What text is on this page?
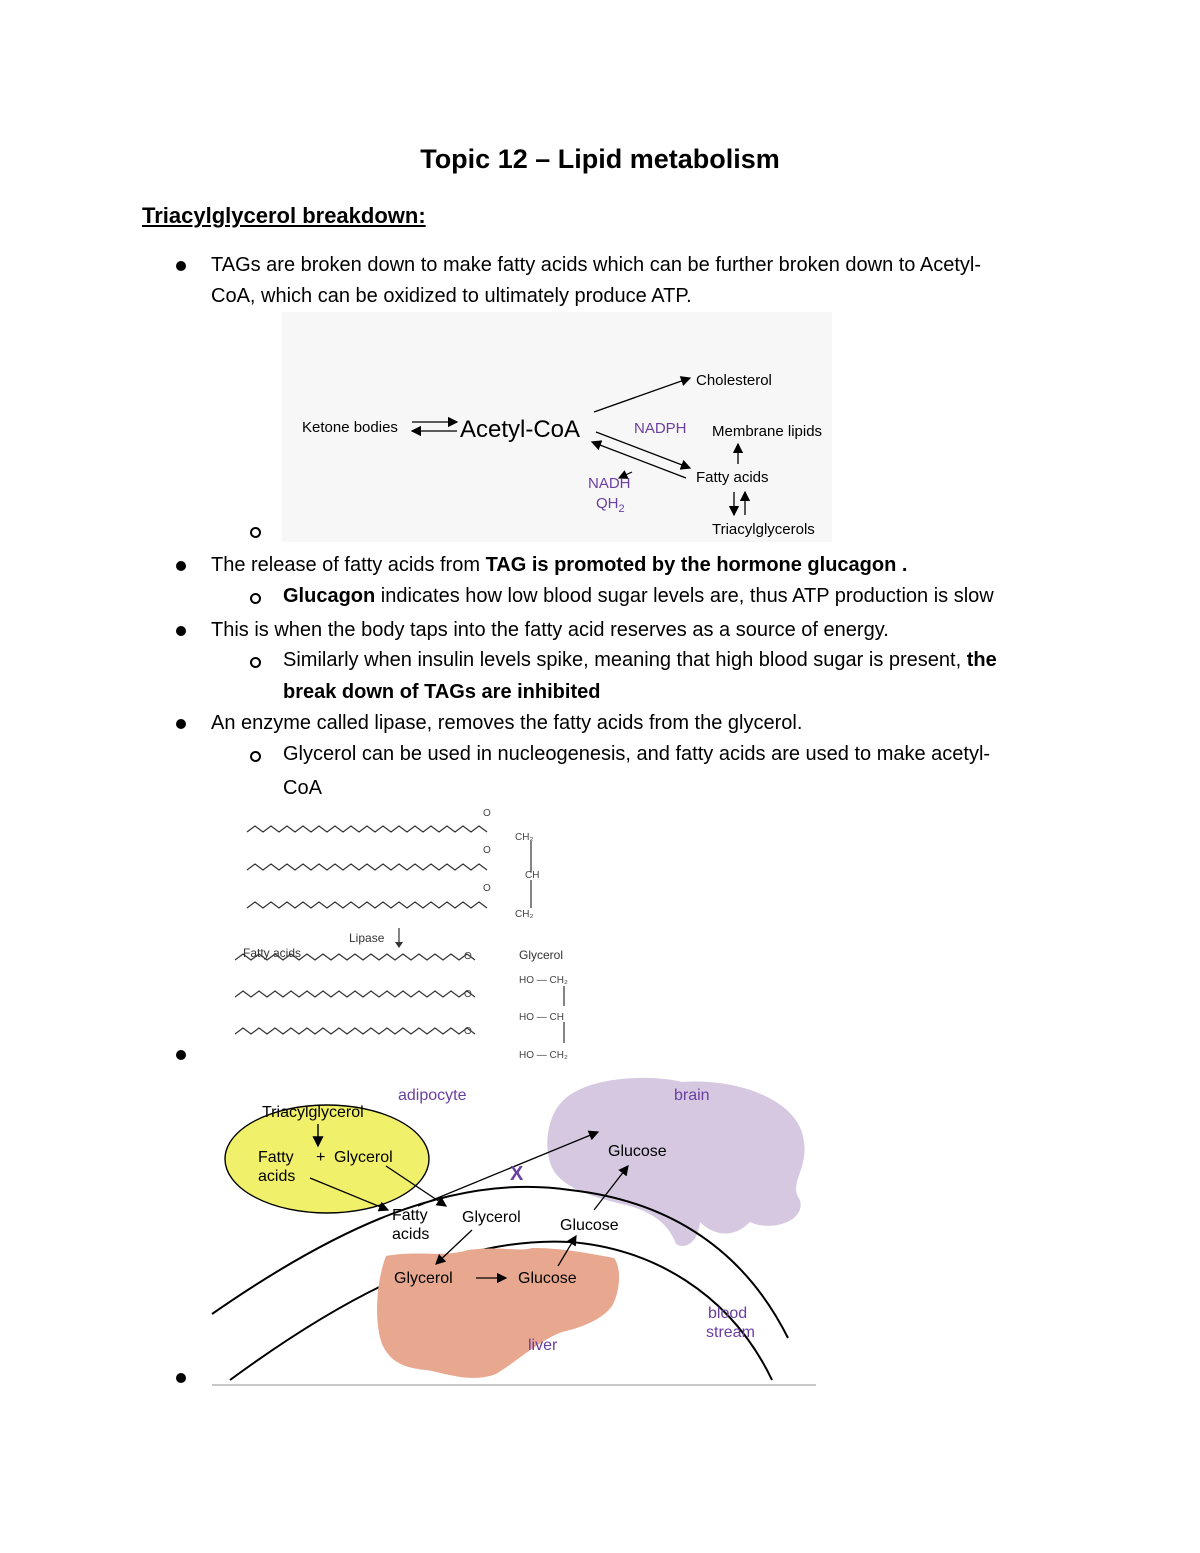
Topic 12 – Lipid metabolism
Triacylglycerol breakdown:
TAGs are broken down to make fatty acids which can be further broken down to Acetyl-
CoA, which can be oxidized to ultimately produce ATP.
Ketone bodies	Acetyl-CoA
Cholesterol
NADPH
NADH
$QH_2$
Membrane lipids
Fatty acids
Triacylglycerols
The release of fatty acids from TAG is promoted by the hormone glucagon .
Glucagon indicates how low blood sugar levels are, thus ATP production is slow
This is when the body taps into the fatty acid reserves as a source of energy.
Similarly when insulin levels spike, meaning that high blood sugar is present, the
break down of TAGs are inhibited
An enzyme called lipase, removes the fatty acids from the glycerol.
Glycerol can be used in nucleogenesis, and fatty acids are used to make acetyl-
CoA
O
CH₂
O
CH
O
CH₂
Lipase
Fatty acids	O	Glycerol
HO — CH₂
O
HO — CH
O
HO — CH₂
adipocyte	brain
Triacylglycerol
Fatty + Glycerol
acids	X
Glucose
Fatty
acids
Glycerol Glucose
Glycerol	Glucose
liver
blood
stream
